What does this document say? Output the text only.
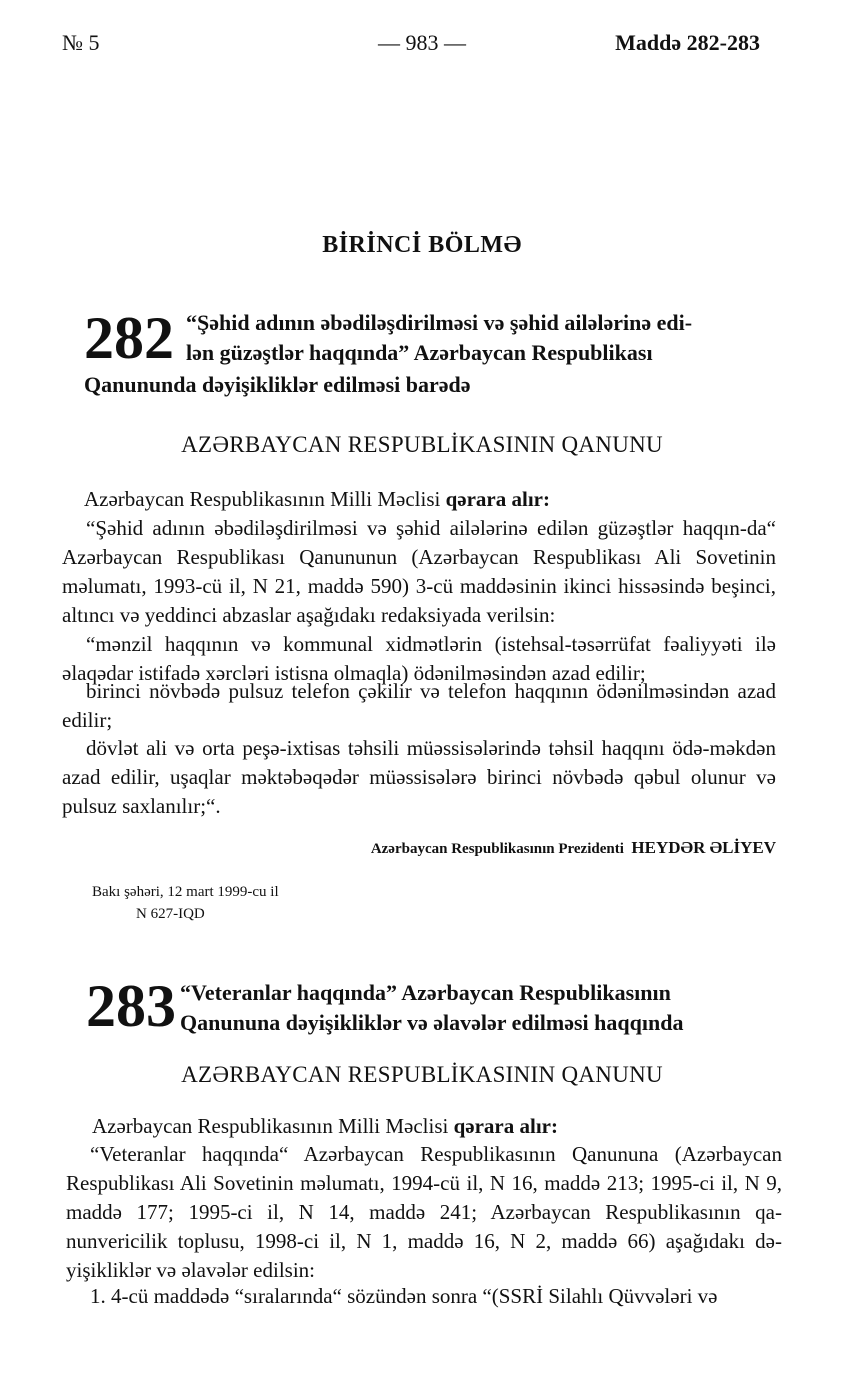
№ 5	— 983 —	Maddə 282-283
BİRİNCİ BÖLMƏ
282 “Şəhid adının əbədiləşdirilməsi və şəhid ailələrinə edi-
lən güzəştlər haqqında” Azərbaycan Respublikası
Qanununda dəyişikliklər edilməsi barədə
AZƏRBAYCAN RESPUBLİKASININ QANUNU
Azərbaycan Respublikasının Milli Məclisi qərara alır:
“Şəhid adının əbədiləşdirilməsi və şəhid ailələrinə edilən güzəştlər haqqın-da“ Azərbaycan Respublikası Qanununun (Azərbaycan Respublikası Ali Sovetinin məlumatı, 1993-cü il, N 21, maddə 590) 3-cü maddəsinin ikinci hissəsində beşinci, altıncı və yeddinci abzaslar aşağıdakı redaksiyada verilsin:
“mənzil haqqının və kommunal xidmətlərin (istehsal-təsərrüfat fəaliyyəti ilə əlaqədar istifadə xərcləri istisna olmaqla) ödənilməsindən azad edilir;
birinci növbədə pulsuz telefon çəkilir və telefon haqqının ödənilməsindən azad edilir;
dövlət ali və orta peşə-ixtisas təhsili müəssisələrində təhsil haqqını ödə-məkdən azad edilir, uşaqlar məktəbəqədər müəssisələrə birinci növbədə qəbul olunur və pulsuz saxlanılır;“.
Azərbaycan Respublikasının Prezidenti HEYDƏR ƏLİYEV
Bakı şəhəri, 12 mart 1999-cu il
N 627-IQD
283 “Veteranlar haqqında” Azərbaycan Respublikasının
Qanununa dəyişikliklər və əlavələr edilməsi haqqında
AZƏRBAYCAN RESPUBLİKASININ QANUNU
Azərbaycan Respublikasının Milli Məclisi qərara alır:
“Veteranlar haqqında“ Azərbaycan Respublikasının Qanununa (Azərbaycan Respublikası Ali Sovetinin məlumatı, 1994-cü il, N 16, maddə 213; 1995-ci il, N 9, maddə 177; 1995-ci il, N 14, maddə 241; Azərbaycan Respublikasının qa-nunvericilik toplusu, 1998-ci il, N 1, maddə 16, N 2, maddə 66) aşağıdakı də-yişikliklər və əlavələr edilsin:
1. 4-cü maddədə “sıralarında“ sözündən sonra “(SSRİ Silahlı Qüvvələri və
